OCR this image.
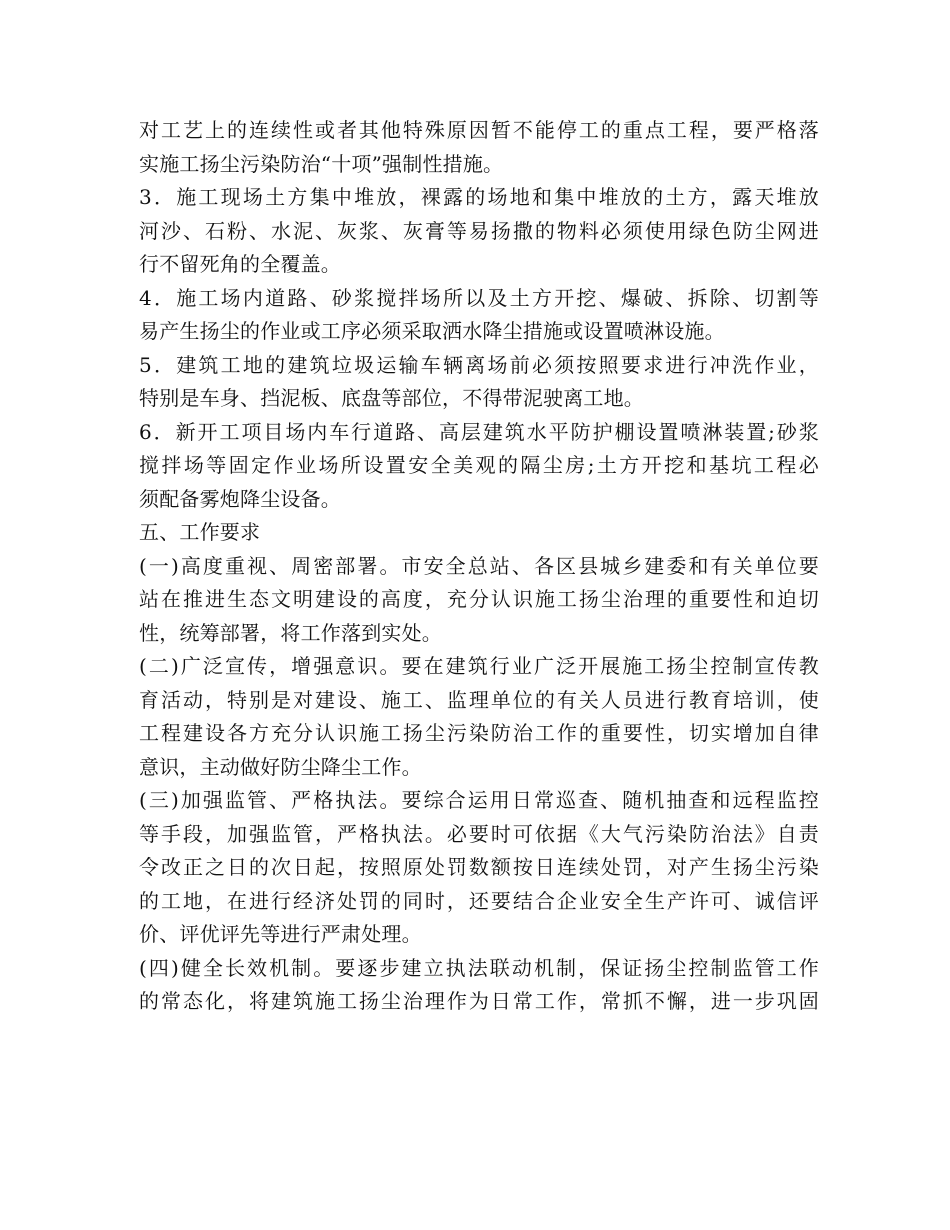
对工艺上的连续性或者其他特殊原因暂不能停工的重点工程，要严格落
实施工扬尘污染防治“十项”强制性措施。
3．施工现场土方集中堆放，裸露的场地和集中堆放的土方，露天堆放
河沙、石粉、水泥、灰浆、灰膏等易扬撒的物料必须使用绿色防尘网进
行不留死角的全覆盖。
4．施工场内道路、砂浆搅拌场所以及土方开挖、爆破、拆除、切割等
易产生扬尘的作业或工序必须采取洒水降尘措施或设置喷淋设施。
5．建筑工地的建筑垃圾运输车辆离场前必须按照要求进行冲洗作业，
特别是车身、挡泥板、底盘等部位，不得带泥驶离工地。
6．新开工项目场内车行道路、高层建筑水平防护棚设置喷淋装置;砂浆
搅拌场等固定作业场所设置安全美观的隔尘房;土方开挖和基坑工程必
须配备雾炮降尘设备。
五、工作要求
(一)高度重视、周密部署。市安全总站、各区县城乡建委和有关单位要
站在推进生态文明建设的高度，充分认识施工扬尘治理的重要性和迫切
性，统筹部署，将工作落到实处。
(二)广泛宣传，增强意识。要在建筑行业广泛开展施工扬尘控制宣传教
育活动，特别是对建设、施工、监理单位的有关人员进行教育培训，使
工程建设各方充分认识施工扬尘污染防治工作的重要性，切实增加自律
意识，主动做好防尘降尘工作。
(三)加强监管、严格执法。要综合运用日常巡查、随机抽查和远程监控
等手段，加强监管，严格执法。必要时可依据《大气污染防治法》自责
令改正之日的次日起，按照原处罚数额按日连续处罚，对产生扬尘污染
的工地，在进行经济处罚的同时，还要结合企业安全生产许可、诚信评
价、评优评先等进行严肃处理。
(四)健全长效机制。要逐步建立执法联动机制，保证扬尘控制监管工作
的常态化，将建筑施工扬尘治理作为日常工作，常抓不懈，进一步巩固
